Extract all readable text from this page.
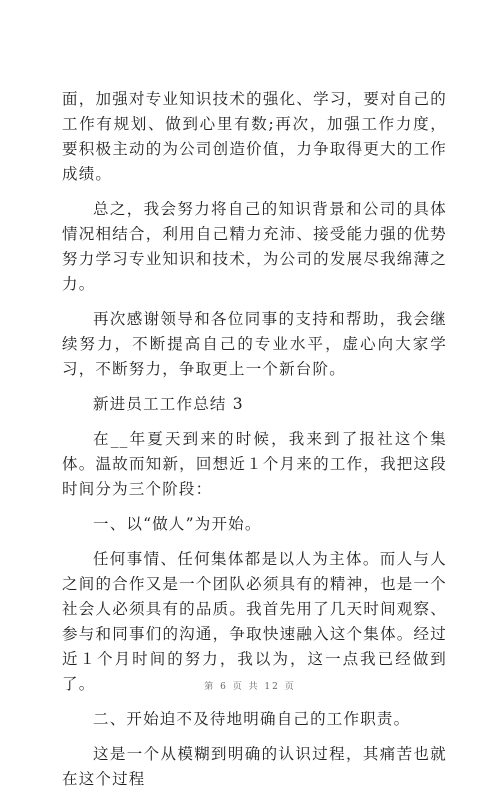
面，加强对专业知识技术的强化、学习，要对自己的工作有规划、做到心里有数;再次，加强工作力度，要积极主动的为公司创造价值，力争取得更大的工作成绩。

总之，我会努力将自己的知识背景和公司的具体情况相结合，利用自己精力充沛、接受能力强的优势努力学习专业知识和技术，为公司的发展尽我绵薄之力。

再次感谢领导和各位同事的支持和帮助，我会继续努力，不断提高自己的专业水平，虚心向大家学习，不断努力，争取更上一个新台阶。

新进员工工作总结 3

在__年夏天到来的时候，我来到了报社这个集体。温故而知新，回想近１个月来的工作，我把这段时间分为三个阶段：

一、以“做人”为开始。

任何事情、任何集体都是以人为主体。而人与人之间的合作又是一个团队必须具有的精神，也是一个社会人必须具有的品质。我首先用了几天时间观察、参与和同事们的沟通，争取快速融入这个集体。经过近１个月时间的努力，我以为，这一点我已经做到了。

二、开始迫不及待地明确自己的工作职责。

这是一个从模糊到明确的认识过程，其痛苦也就在这个过程

第 6 页 共 12 页
